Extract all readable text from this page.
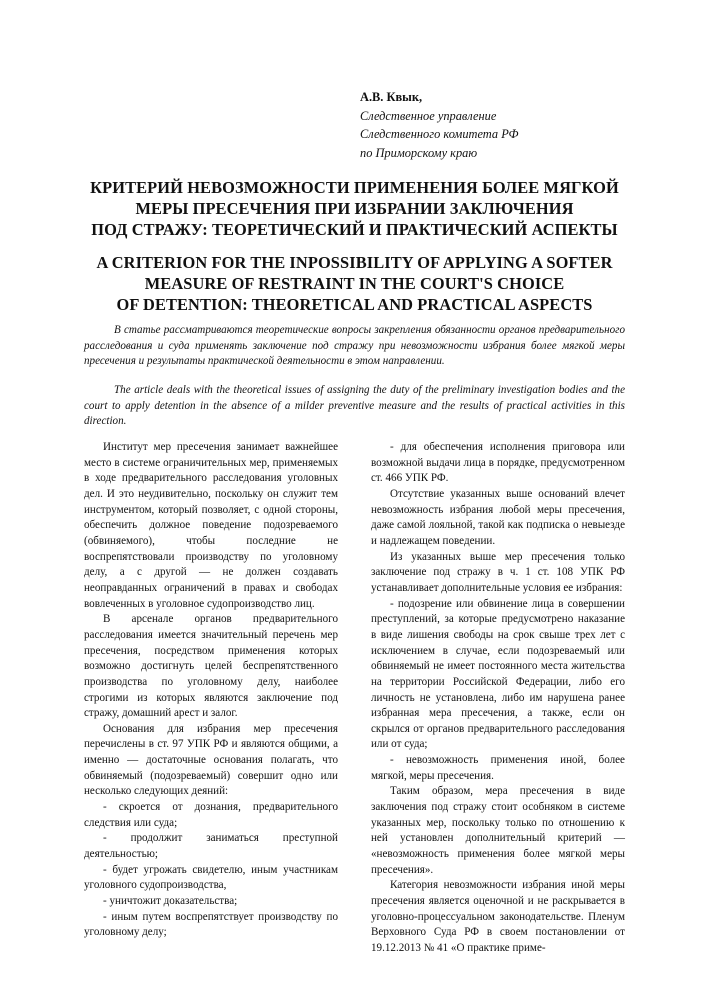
А.В. Квык,
Следственное управление
Следственного комитета РФ
по Приморскому краю
КРИТЕРИЙ НЕВОЗМОЖНОСТИ ПРИМЕНЕНИЯ БОЛЕЕ МЯГКОЙ
МЕРЫ ПРЕСЕЧЕНИЯ ПРИ ИЗБРАНИИ ЗАКЛЮЧЕНИЯ
ПОД СТРАЖУ: ТЕОРЕТИЧЕСКИЙ И ПРАКТИЧЕСКИЙ АСПЕКТЫ
A CRITERION FOR THE INPOSSIBILITY OF APPLYING A SOFTER
MEASURE OF RESTRAINT IN THE COURT'S CHOICE
OF DETENTION: THEORETICAL AND PRACTICAL ASPECTS

В статье рассматриваются теоретические вопросы закрепления обязанности органов предварительного расследования и суда применять заключение под стражу при невозможности избрания более мягкой меры пресечения и результаты практической деятельности в этом направлении.

The article deals with the theoretical issues of assigning the duty of the preliminary investigation bodies and the court to apply detention in the absence of a milder preventive measure and the results of practical activities in this direction.

Институт мер пресечения занимает важнейшее место в системе ограничительных мер, применяемых в ходе предварительного расследования уголовных дел. И это неудивительно, поскольку он служит тем инструментом, который позволяет, с одной стороны, обеспечить должное поведение подозреваемого (обвиняемого), чтобы последние не воспрепятствовали производству по уголовному делу, а с другой — не должен создавать неоправданных ограничений в правах и свободах вовлеченных в уголовное судопроизводство лиц.

В арсенале органов предварительного расследования имеется значительный перечень мер пресечения, посредством применения которых возможно достигнуть целей беспрепятственного производства по уголовному делу, наиболее строгими из которых являются заключение под стражу, домашний арест и залог.

Основания для избрания мер пресечения перечислены в ст. 97 УПК РФ и являются общими, а именно — достаточные основания полагать, что обвиняемый (подозреваемый) совершит одно или несколько следующих деяний:

- скроется от дознания, предварительного следствия или суда;

- продолжит заниматься преступной деятельностью;

- будет угрожать свидетелю, иным участникам уголовного судопроизводства,

- уничтожит доказательства;

- иным путем воспрепятствует производству по уголовному делу;

- для обеспечения исполнения приговора или возможной выдачи лица в порядке, предусмотренном ст. 466 УПК РФ.

Отсутствие указанных выше оснований влечет невозможность избрания любой меры пресечения, даже самой лояльной, такой как подписка о невыезде и надлежащем поведении.

Из указанных выше мер пресечения только заключение под стражу в ч. 1 ст. 108 УПК РФ устанавливает дополнительные условия ее избрания:

- подозрение или обвинение лица в совершении преступлений, за которые предусмотрено наказание в виде лишения свободы на срок свыше трех лет с исключением в случае, если подозреваемый или обвиняемый не имеет постоянного места жительства на территории Российской Федерации, либо его личность не установлена, либо им нарушена ранее избранная мера пресечения, а также, если он скрылся от органов предварительного расследования или от суда;

- невозможность применения иной, более мягкой, меры пресечения.

Таким образом, мера пресечения в виде заключения под стражу стоит особняком в системе указанных мер, поскольку только по отношению к ней установлен дополнительный критерий — «невозможность применения более мягкой меры пресечения».

Категория невозможности избрания иной меры пресечения является оценочной и не раскрывается в уголовно-процессуальном законодательстве. Пленум Верховного Суда РФ в своем постановлении от 19.12.2013 № 41 «О практике приме-
